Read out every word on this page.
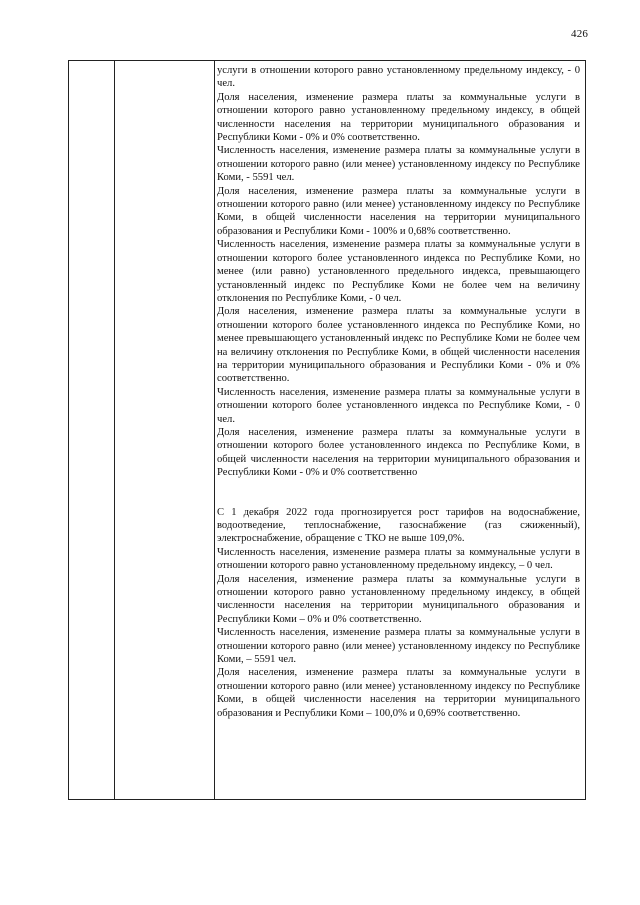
426

услуги в отношении которого равно установленному предельному индексу, - 0 чел.

Доля населения, изменение размера платы за коммунальные услуги в отношении которого равно установленному предельному индексу, в общей численности населения на территории муниципального образования и Республики Коми - 0% и 0% соответственно.

Численность населения, изменение размера платы за коммунальные услуги в отношении которого равно (или менее) установленному индексу по Республике Коми, - 5591 чел.

Доля населения, изменение размера платы за коммунальные услуги в отношении которого равно (или менее) установленному индексу по Республике Коми, в общей численности населения на территории муниципального образования и Республики Коми - 100% и 0,68% соответственно.

Численность населения, изменение размера платы за коммунальные услуги в отношении которого более установленного индекса по Республике Коми, но менее (или равно) установленного предельного индекса, превышающего установленный индекс по Республике Коми не более чем на величину отклонения по Республике Коми, - 0 чел.

Доля населения, изменение размера платы за коммунальные услуги в отношении которого более установленного индекса по Республике Коми, но менее превышающего установленный индекс по Республике Коми не более чем на величину отклонения по Республике Коми, в общей численности населения на территории муниципального образования и Республики Коми - 0% и 0% соответственно.

Численность населения, изменение размера платы за коммунальные услуги в отношении которого более установленного индекса по Республике Коми, - 0 чел.

Доля населения, изменение размера платы за коммунальные услуги в отношении которого более установленного индекса по Республике Коми, в общей численности населения на территории муниципального образования и Республики Коми - 0% и 0% соответственно

С 1 декабря 2022 года прогнозируется рост тарифов на водоснабжение, водоотведение, теплоснабжение, газоснабжение (газ сжиженный), электроснабжение, обращение с ТКО не выше 109,0%.

Численность населения, изменение размера платы за коммунальные услуги в отношении которого равно установленному предельному индексу, – 0 чел.

Доля населения, изменение размера платы за коммунальные услуги в отношении которого равно установленному предельному индексу, в общей численности населения на территории муниципального образования и Республики Коми – 0% и 0% соответственно.

Численность населения, изменение размера платы за коммунальные услуги в отношении которого равно (или менее) установленному индексу по Республике Коми, – 5591 чел.

Доля населения, изменение размера платы за коммунальные услуги в отношении которого равно (или менее) установленному индексу по Республике Коми, в общей численности населения на территории муниципального образования и Республики Коми – 100,0% и 0,69% соответственно.
